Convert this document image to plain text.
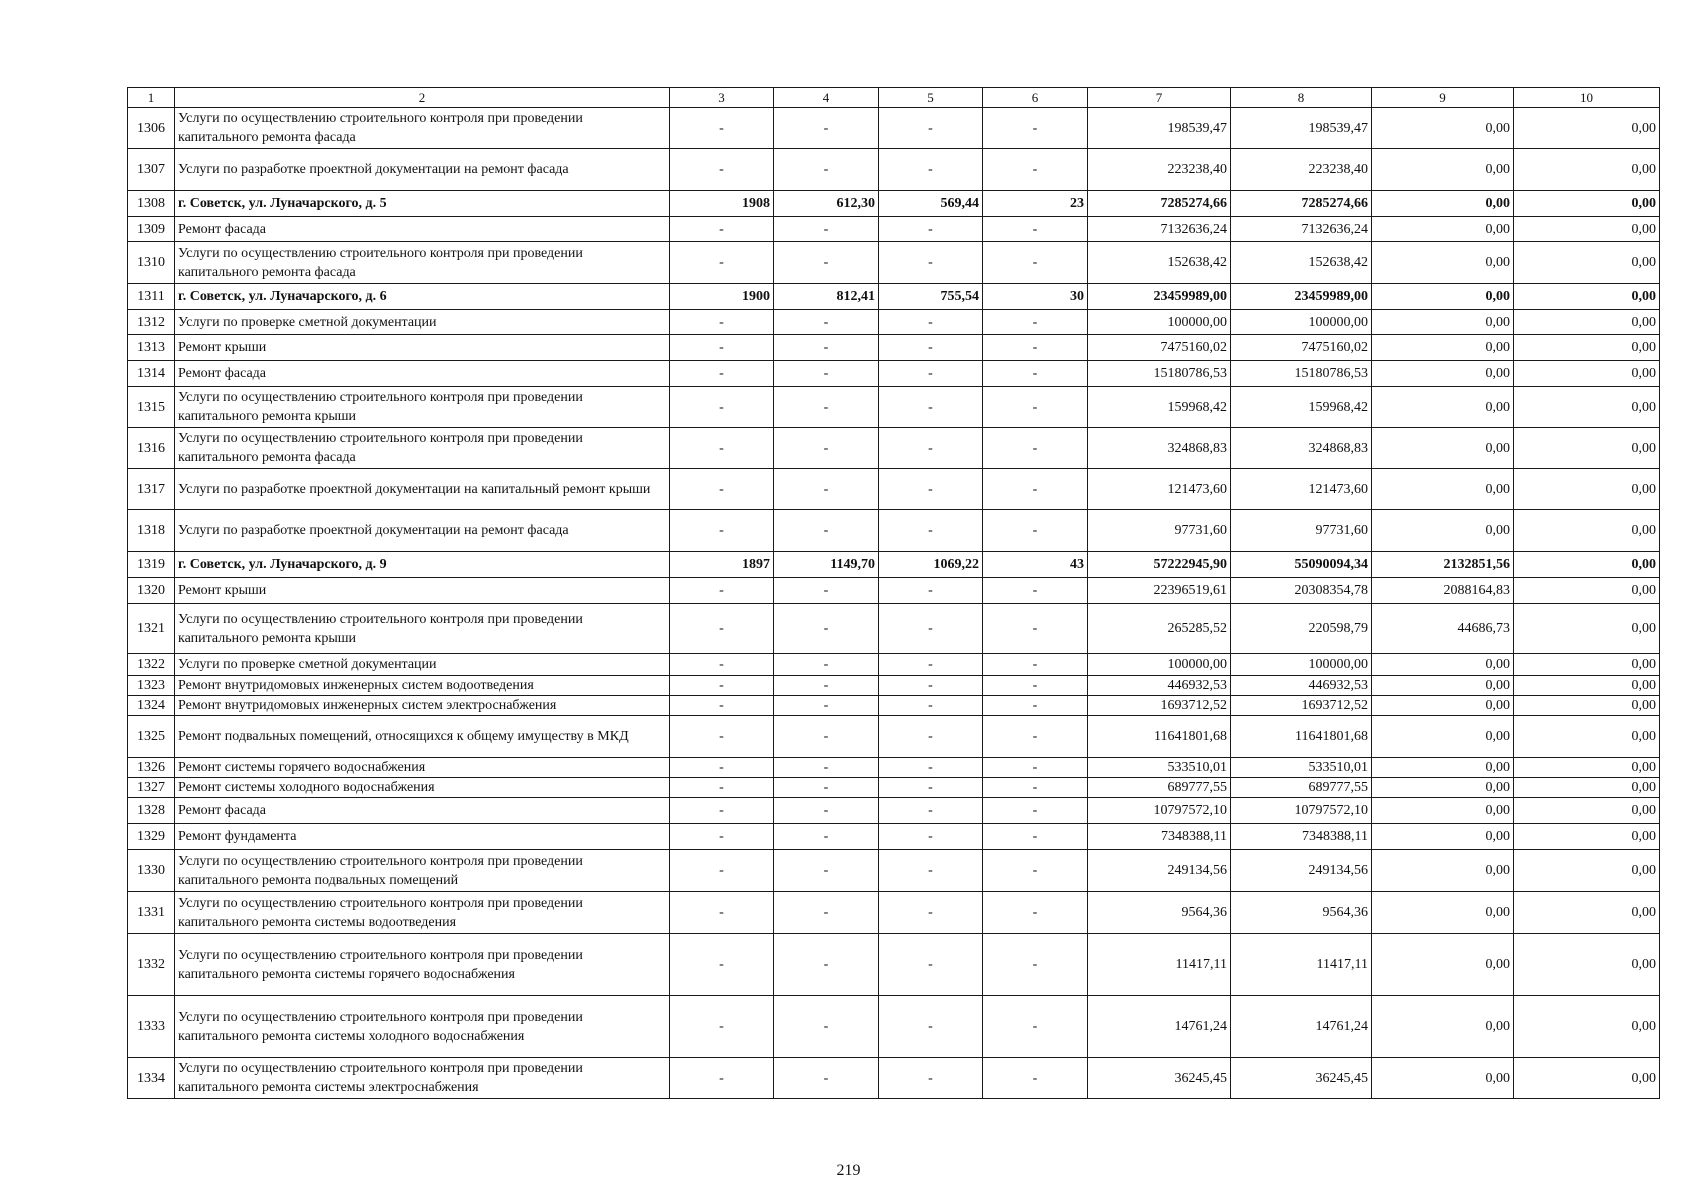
1	2	3	4	5	6	7	8	9	10
1306	Услуги по осуществлению строительного контроля при проведении капитального ремонта фасада	-	-	-	-	198539,47	198539,47	0,00	0,00
1307	Услуги по разработке проектной документации на ремонт фасада	-	-	-	-	223238,40	223238,40	0,00	0,00
1308	г. Советск, ул. Луначарского, д. 5	1908	612,30	569,44	23	7285274,66	7285274,66	0,00	0,00
1309	Ремонт фасада	-	-	-	-	7132636,24	7132636,24	0,00	0,00
1310	Услуги по осуществлению строительного контроля при проведении капитального ремонта фасада	-	-	-	-	152638,42	152638,42	0,00	0,00
1311	г. Советск, ул. Луначарского, д. 6	1900	812,41	755,54	30	23459989,00	23459989,00	0,00	0,00
1312	Услуги по проверке сметной документации	-	-	-	-	100000,00	100000,00	0,00	0,00
1313	Ремонт крыши	-	-	-	-	7475160,02	7475160,02	0,00	0,00
1314	Ремонт фасада	-	-	-	-	15180786,53	15180786,53	0,00	0,00
1315	Услуги по осуществлению строительного контроля при проведении капитального ремонта крыши	-	-	-	-	159968,42	159968,42	0,00	0,00
1316	Услуги по осуществлению строительного контроля при проведении капитального ремонта фасада	-	-	-	-	324868,83	324868,83	0,00	0,00
1317	Услуги по разработке проектной документации на капитальный ремонт крыши	-	-	-	-	121473,60	121473,60	0,00	0,00
1318	Услуги по разработке проектной документации на ремонт фасада	-	-	-	-	97731,60	97731,60	0,00	0,00
1319	г. Советск, ул. Луначарского, д. 9	1897	1149,70	1069,22	43	57222945,90	55090094,34	2132851,56	0,00
1320	Ремонт крыши	-	-	-	-	22396519,61	20308354,78	2088164,83	0,00
1321	Услуги по осуществлению строительного контроля при проведении капитального ремонта крыши	-	-	-	-	265285,52	220598,79	44686,73	0,00
1322	Услуги по проверке сметной документации	-	-	-	-	100000,00	100000,00	0,00	0,00
1323	Ремонт внутридомовых инженерных систем водоотведения	-	-	-	-	446932,53	446932,53	0,00	0,00
1324	Ремонт внутридомовых инженерных систем электроснабжения	-	-	-	-	1693712,52	1693712,52	0,00	0,00
1325	Ремонт подвальных помещений, относящихся к общему имуществу в МКД	-	-	-	-	11641801,68	11641801,68	0,00	0,00
1326	Ремонт системы горячего водоснабжения	-	-	-	-	533510,01	533510,01	0,00	0,00
1327	Ремонт системы холодного водоснабжения	-	-	-	-	689777,55	689777,55	0,00	0,00
1328	Ремонт фасада	-	-	-	-	10797572,10	10797572,10	0,00	0,00
1329	Ремонт фундамента	-	-	-	-	7348388,11	7348388,11	0,00	0,00
1330	Услуги по осуществлению строительного контроля при проведении капитального ремонта подвальных помещений	-	-	-	-	249134,56	249134,56	0,00	0,00
1331	Услуги по осуществлению строительного контроля при проведении капитального ремонта системы водоотведения	-	-	-	-	9564,36	9564,36	0,00	0,00
1332	Услуги по осуществлению строительного контроля при проведении капитального ремонта системы горячего водоснабжения	-	-	-	-	11417,11	11417,11	0,00	0,00
1333	Услуги по осуществлению строительного контроля при проведении капитального ремонта системы холодного водоснабжения	-	-	-	-	14761,24	14761,24	0,00	0,00
1334	Услуги по осуществлению строительного контроля при проведении капитального ремонта системы электроснабжения	-	-	-	-	36245,45	36245,45	0,00	0,00
219
